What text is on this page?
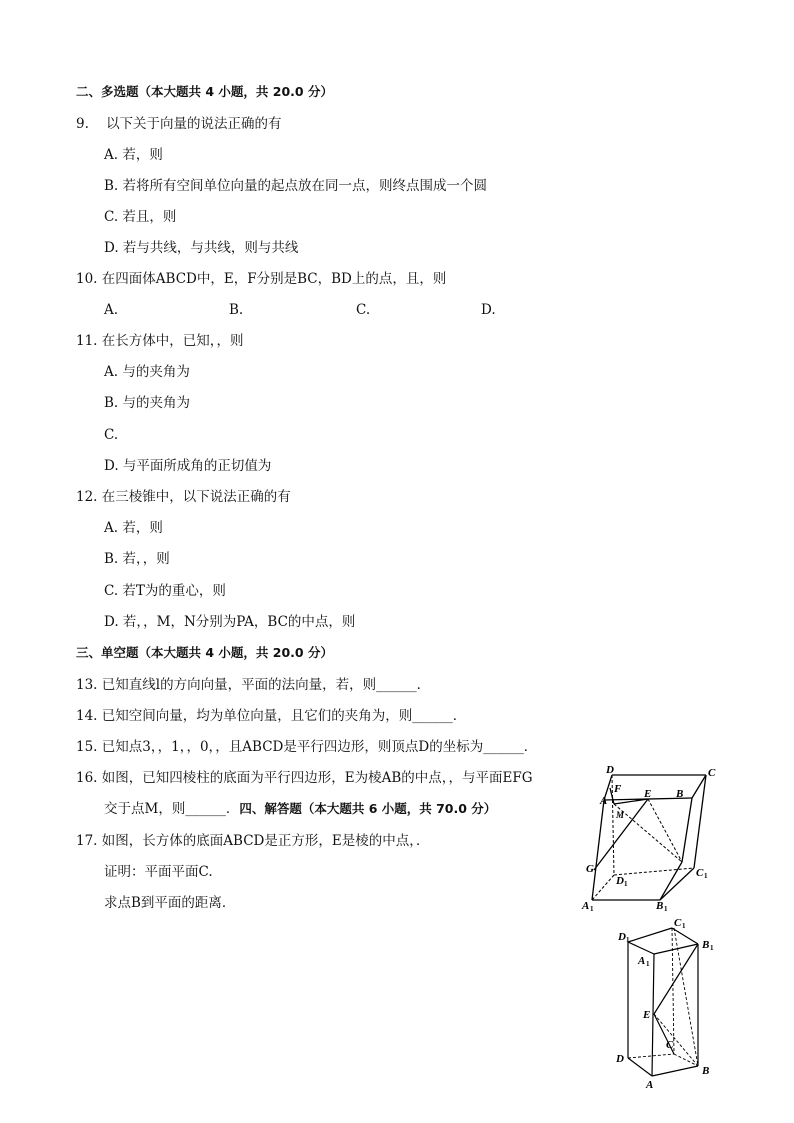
二、多选题（本大题共 4 小题，共 20.0 分）
9. 以下关于向量的说法正确的有
A. 若，则
B. 若将所有空间单位向量的起点放在同一点，则终点围成一个圆
C. 若且，则
D. 若与共线，与共线，则与共线
10. 在四面体ABCD中，E，F分别是BC，BD上的点，且，则
A.	B.	C.	D.
11. 在长方体中，已知，，则
A. 与的夹角为
B. 与的夹角为
C.
D. 与平面所成角的正切值为
12. 在三棱锥中，以下说法正确的有
A. 若，则
B. 若，，则
C. 若T为的重心，则
D. 若，，M，N分别为PA，BC的中点，则
三、单空题（本大题共 4 小题，共 20.0 分）
13. 已知直线l的方向向量，平面的法向量，若，则______．
14. 已知空间向量，均为单位向量，且它们的夹角为，则______．
15. 已知点3，，1，，0，，且ABCD是平行四边形，则顶点D的坐标为______．
16. 如图，已知四棱柱的底面为平行四边形，E为棱AB的中点，，与平面EFG
交于点M，则______．四、解答题（本大题共 6 小题，共 70.0 分）
17. 如图，长方体的底面ABCD是正方形，E是棱的中点，．
证明：平面平面C.
求点B到平面的距离．
D	C
F E B
A
M
G
D 1
C 1
A 1	B 1
D 1
C 1
A 1
B 1
E
D
C
A
B
